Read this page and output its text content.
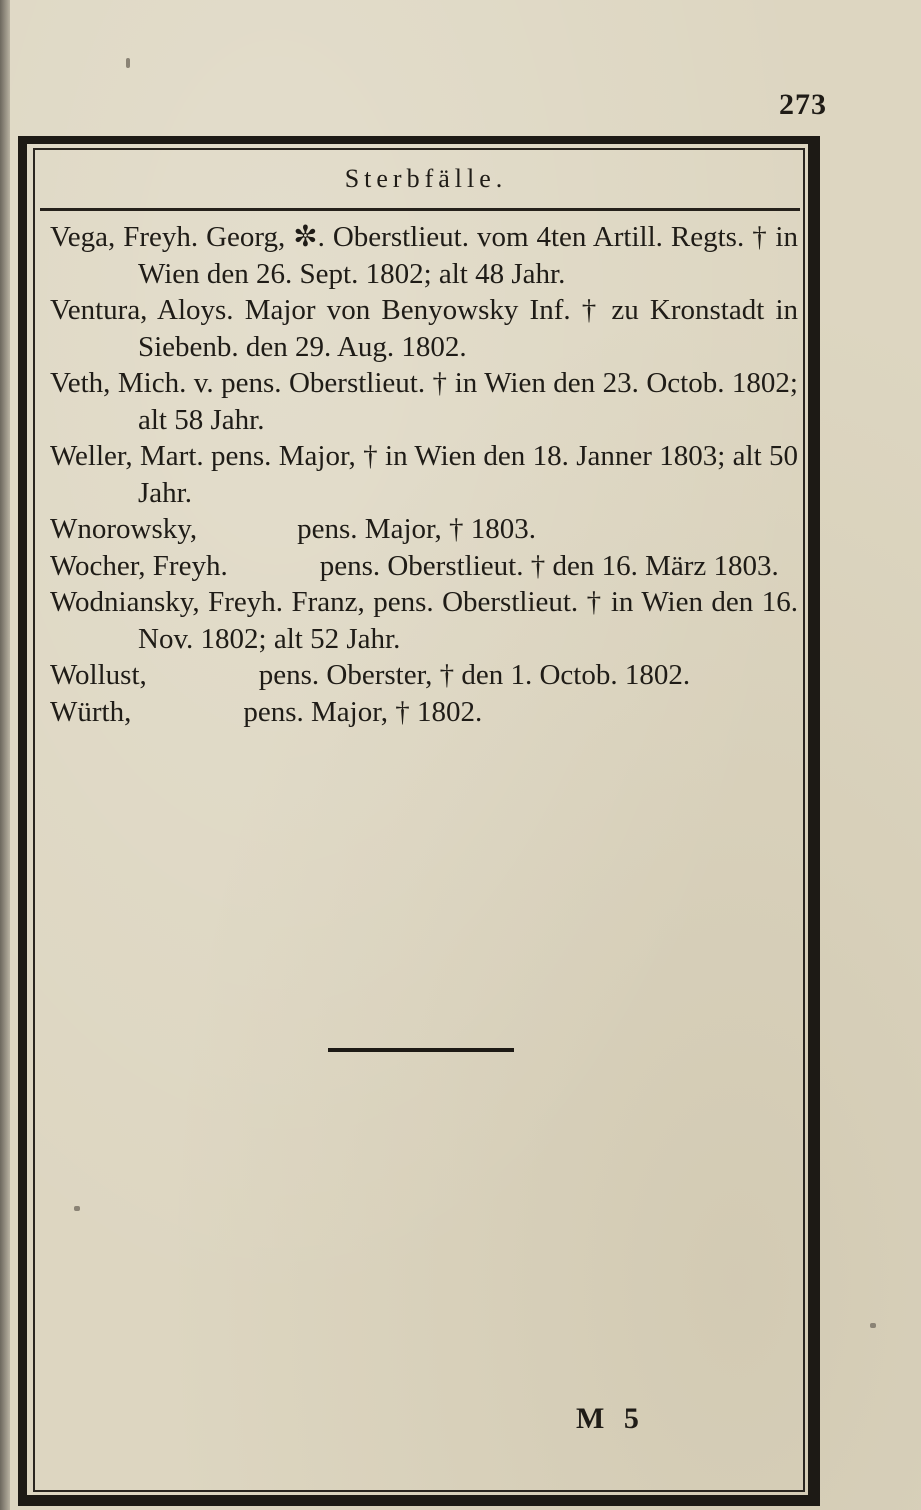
273
Sterbfälle.
Vega, Freyh. Georg, ✼. Oberstlieut. vom 4ten Artill. Regts. † in Wien den 26. Sept. 1802; alt 48 Jahr.
Ventura, Aloys. Major von Benyowsky Inf. † zu Kronstadt in Siebenb. den 29. Aug. 1802.
Veth, Mich. v. pens. Oberstlieut. † in Wien den 23. Octob. 1802; alt 58 Jahr.
Weller, Mart. pens. Major, † in Wien den 18. Janner 1803; alt 50 Jahr.
Wnorowsky,	pens. Major, † 1803.
Wocher, Freyh.	pens. Oberstlieut. † den 16. März 1803.
Wodniansky, Freyh. Franz, pens. Oberstlieut. † in Wien den 16. Nov. 1802; alt 52 Jahr.
Wollust,	pens. Oberster, † den 1. Octob. 1802.
Würth,	pens. Major, † 1802.
M 5
